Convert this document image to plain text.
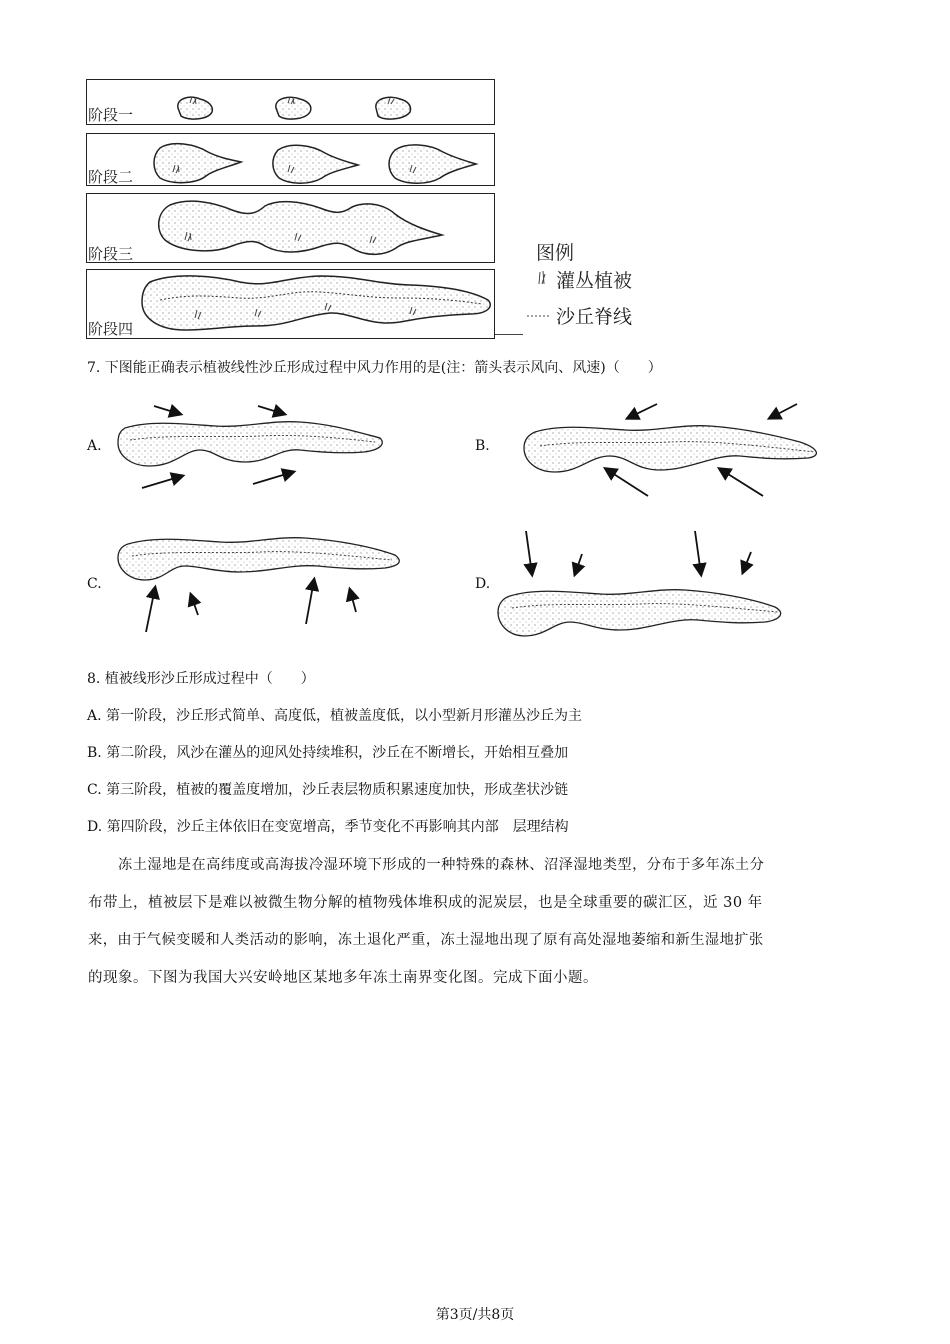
阶段一
阶段二
阶段三
阶段四
图例
灌丛植被
沙丘脊线
7. 下图能正确表示植被线性沙丘形成过程中风力作用的是(注：箭头表示风向、风速)（　　）
A.	B.
C.	D.
8. 植被线形沙丘形成过程中（　　）
A. 第一阶段，沙丘形式简单、高度低，植被盖度低，以小型新月形灌丛沙丘为主
B. 第二阶段，风沙在灌丛的迎风处持续堆积，沙丘在不断增长，开始相互叠加
C. 第三阶段，植被的覆盖度增加，沙丘表层物质积累速度加快，形成垄状沙链
D. 第四阶段，沙丘主体依旧在变宽增高，季节变化不再影响其内部　层理结构
冻土湿地是在高纬度或高海拔冷湿环境下形成的一种特殊的森林、沼泽湿地类型，分布于多年冻土分
布带上，植被层下是难以被微生物分解的植物残体堆积成的泥炭层，也是全球重要的碳汇区，近 30 年
来，由于气候变暖和人类活动的影响，冻土退化严重，冻土湿地出现了原有高处湿地萎缩和新生湿地扩张
的现象。下图为我国大兴安岭地区某地多年冻土南界变化图。完成下面小题。
第3页/共8页
